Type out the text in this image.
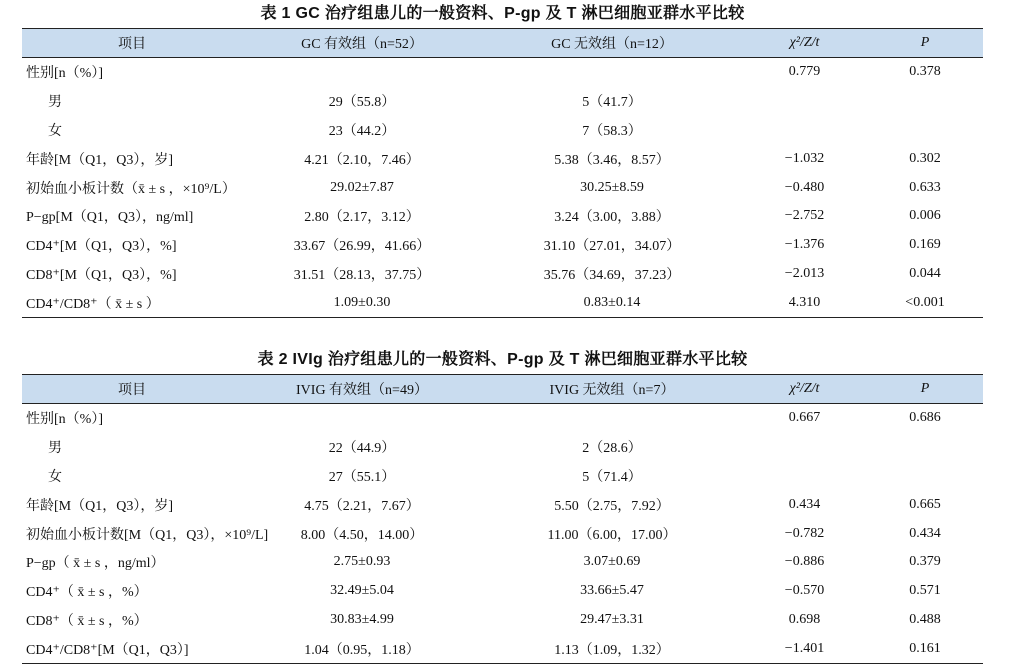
表 1 GC 治疗组患儿的一般资料、P-gp 及 T 淋巴细胞亚群水平比较
项目	GC 有效组（n=52）	GC 无效组（n=12）	χ²/Z/t	P
性别[n（%）]			0.779	0.378
男	29（55.8）	5（41.7）		
女	23（44.2）	7（58.3）		
年龄[M（Q1，Q3），岁]	4.21（2.10，7.46）	5.38（3.46，8.57）	−1.032	0.302
初始血小板计数（x̄ ± s ，×10⁹/L）	29.02±7.87	30.25±8.59	−0.480	0.633
P−gp[M（Q1，Q3），ng/ml]	2.80（2.17，3.12）	3.24（3.00，3.88）	−2.752	0.006
CD4⁺[M（Q1，Q3），%]	33.67（26.99，41.66）	31.10（27.01，34.07）	−1.376	0.169
CD8⁺[M（Q1，Q3），%]	31.51（28.13，37.75）	35.76（34.69，37.23）	−2.013	0.044
CD4⁺/CD8⁺（ x̄ ± s ）	1.09±0.30	0.83±0.14	4.310	<0.001
表 2 IVIg 治疗组患儿的一般资料、P-gp 及 T 淋巴细胞亚群水平比较
项目	IVIG 有效组（n=49）	IVIG 无效组（n=7）	χ²/Z/t	P
性别[n（%）]			0.667	0.686
男	22（44.9）	2（28.6）		
女	27（55.1）	5（71.4）		
年龄[M（Q1，Q3），岁]	4.75（2.21，7.67）	5.50（2.75，7.92）	0.434	0.665
初始血小板计数[M（Q1，Q3），×10⁹/L]	8.00（4.50，14.00）	11.00（6.00，17.00）	−0.782	0.434
P−gp（ x̄ ± s ，ng/ml）	2.75±0.93	3.07±0.69	−0.886	0.379
CD4⁺（ x̄ ± s ，%）	32.49±5.04	33.66±5.47	−0.570	0.571
CD8⁺（ x̄ ± s ，%）	30.83±4.99	29.47±3.31	0.698	0.488
CD4⁺/CD8⁺[M（Q1，Q3）]	1.04（0.95，1.18）	1.13（1.09，1.32）	−1.401	0.161
